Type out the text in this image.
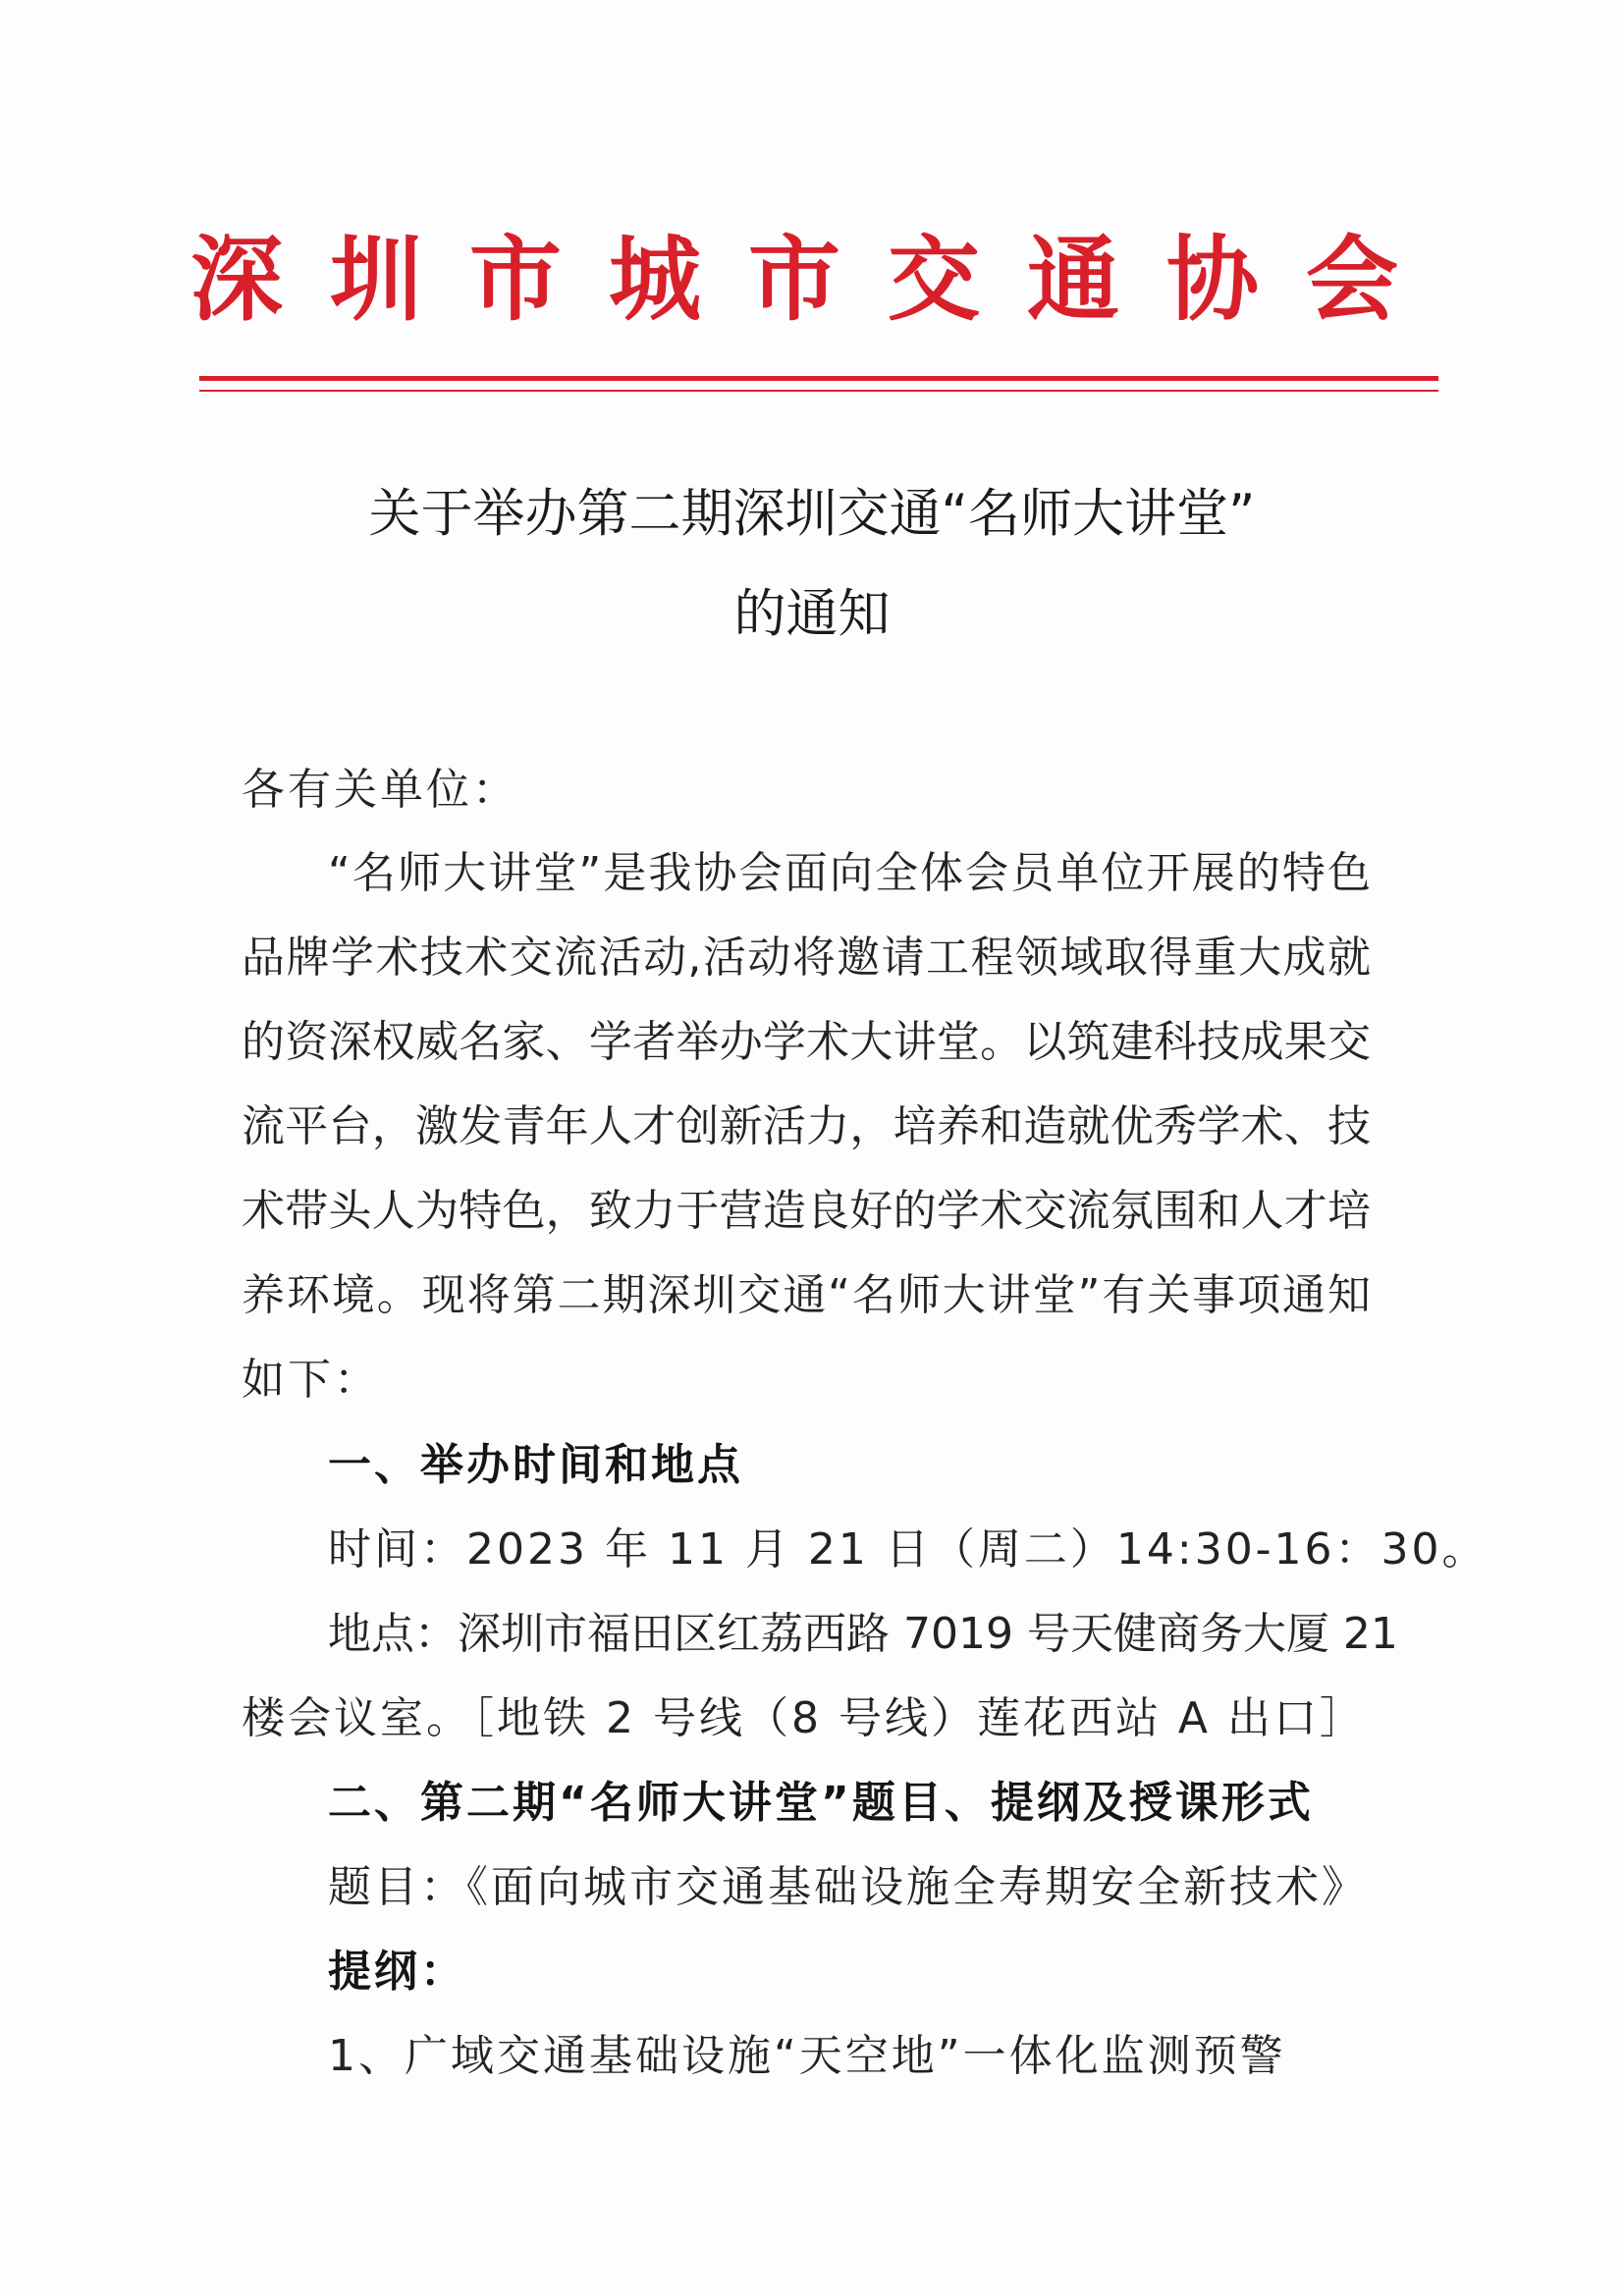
深圳市城市交通协会
关于举办第二期深圳交通“名师大讲堂”
的通知
各有关单位：
“名师大讲堂”是我协会面向全体会员单位开展的特色
品牌学术技术交流活动,活动将邀请工程领域取得重大成就
的资深权威名家、学者举办学术大讲堂。以筑建科技成果交
流平台，激发青年人才创新活力，培养和造就优秀学术、技
术带头人为特色，致力于营造良好的学术交流氛围和人才培
养环境。现将第二期深圳交通“名师大讲堂”有关事项通知
如下：
一、举办时间和地点
时间：2023 年 11 月 21 日（周二）14:30-16：30。
地点：深圳市福田区红荔西路 7019 号天健商务大厦 21
楼会议室。［地铁 2 号线（8 号线）莲花西站 A 出口］
二、第二期“名师大讲堂”题目、提纲及授课形式
题目：《面向城市交通基础设施全寿期安全新技术》
提纲：
1、广域交通基础设施“天空地”一体化监测预警
